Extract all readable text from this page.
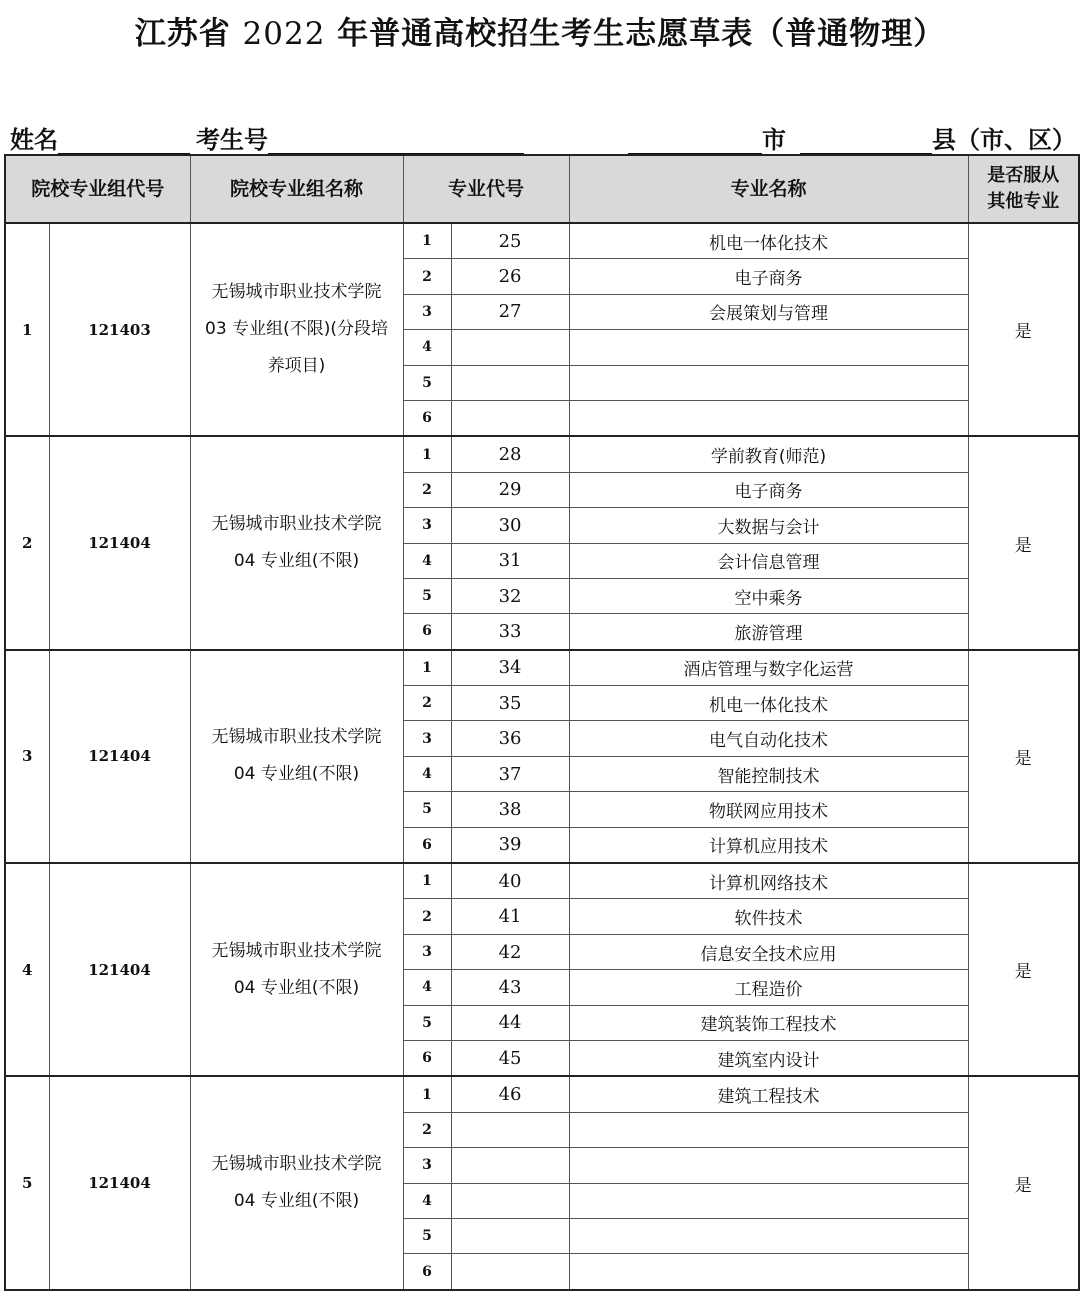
江苏省 2022 年普通高校招生考生志愿草表（普通物理）
姓名	考生号	市	县（市、区）
院校专业组代号		院校专业组名称	专业代号		专业名称	是否服从
其他专业

1	121403	无锡城市职业技术学院
03 专业组(不限)(分段培
养项目)	1	25	机电一体化技术	是
			2	26	电子商务	
			3	27	会展策划与管理	
			4			
			5			
			6			
2	121404	无锡城市职业技术学院
04 专业组(不限)	1	28	学前教育(师范)	是
			2	29	电子商务	
			3	30	大数据与会计	
			4	31	会计信息管理	
			5	32	空中乘务	
			6	33	旅游管理	
3	121404	无锡城市职业技术学院
04 专业组(不限)	1	34	酒店管理与数字化运营	是
			2	35	机电一体化技术	
			3	36	电气自动化技术	
			4	37	智能控制技术	
			5	38	物联网应用技术	
			6	39	计算机应用技术	
4	121404	无锡城市职业技术学院
04 专业组(不限)	1	40	计算机网络技术	是
			2	41	软件技术	
			3	42	信息安全技术应用	
			4	43	工程造价	
			5	44	建筑装饰工程技术	
			6	45	建筑室内设计	
5	121404	无锡城市职业技术学院
04 专业组(不限)	1	46	建筑工程技术	是
			2			
			3			
			4			
			5			
			6			
